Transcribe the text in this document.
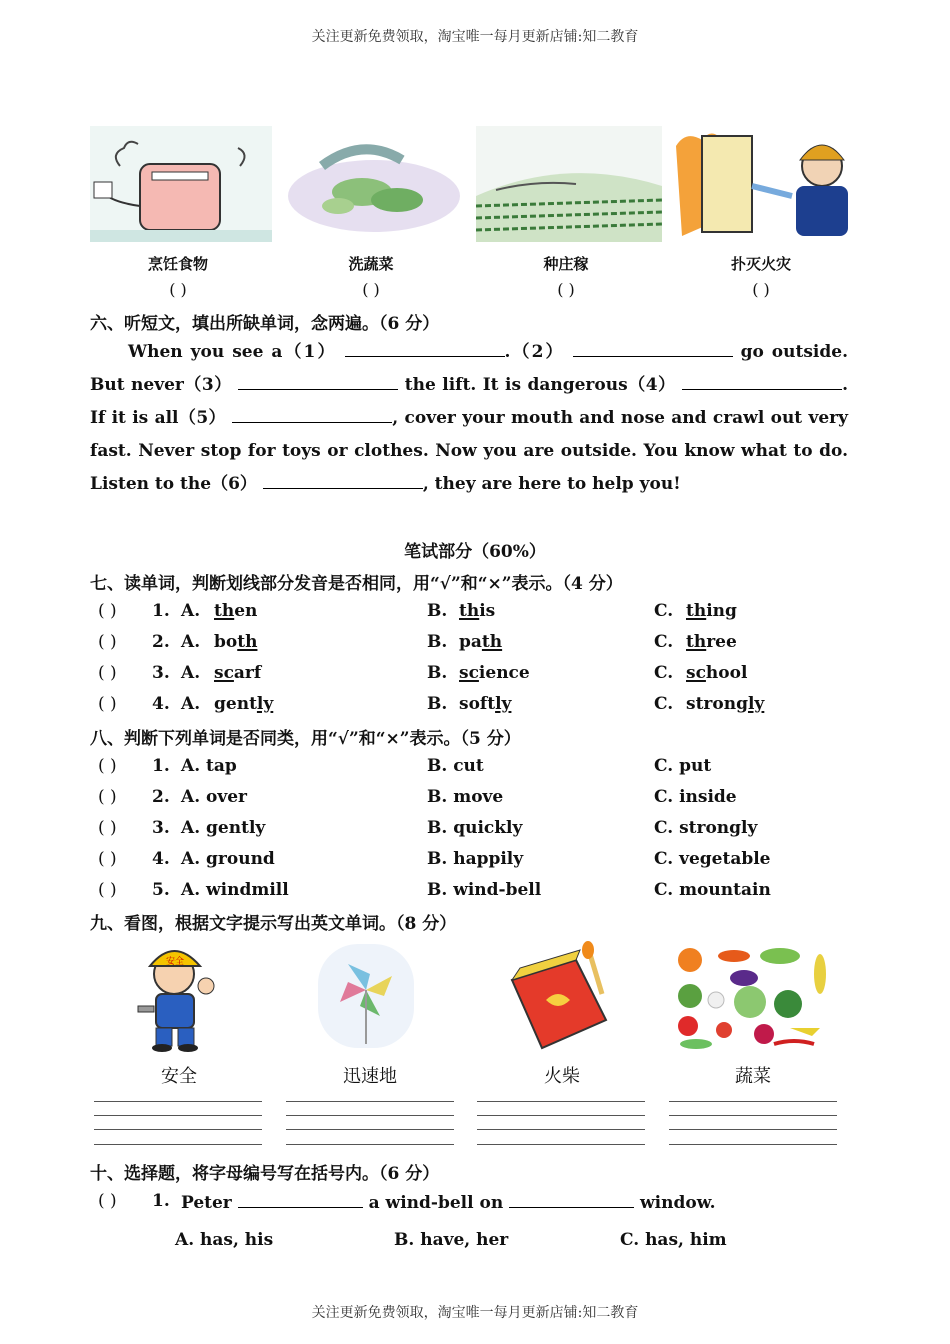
关注更新免费领取，淘宝唯一每月更新店铺:知二教育
烹饪食物	洗蔬菜	种庄稼	扑灭火灾
( )	( )	( )	( )
六、听短文，填出所缺单词，念两遍。（6 分）
When you see a（1）	.（2）	go outside. But never（3）	the lift. It is dangerous（4）	. If it is all（5）	, cover your mouth and nose and crawl out very fast. Never stop for toys or clothes. Now you are outside. You know what to do. Listen to the（6）	, they are here to help you!
笔试部分（60%）
七、读单词，判断划线部分发音是否相同，用“√”和“×”表示。（4 分）
( ) 1. A. then	B. this	C. thing
( ) 2. A. both	B. path	C. three
( ) 3. A. scarf	B. science	C. school
( ) 4. A. gently	B. softly	C. strongly
八、判断下列单词是否同类，用“√”和“×”表示。（5 分）
( ) 1. A. tap	B. cut	C. put
( ) 2. A. over	B. move	C. inside
( ) 3. A. gently	B. quickly	C. strongly
( ) 4. A. ground	B. happily	C. vegetable
( ) 5. A. windmill	B. wind-bell	C. mountain
九、看图，根据文字提示写出英文单词。（8 分）
安全
安全	迅速地	火柴	蔬菜
十、选择题，将字母编号写在括号内。（6 分）
( ) 1. Peter	a wind-bell on	window.
A. has, his	B. have, her	C. has, him
关注更新免费领取，淘宝唯一每月更新店铺:知二教育
